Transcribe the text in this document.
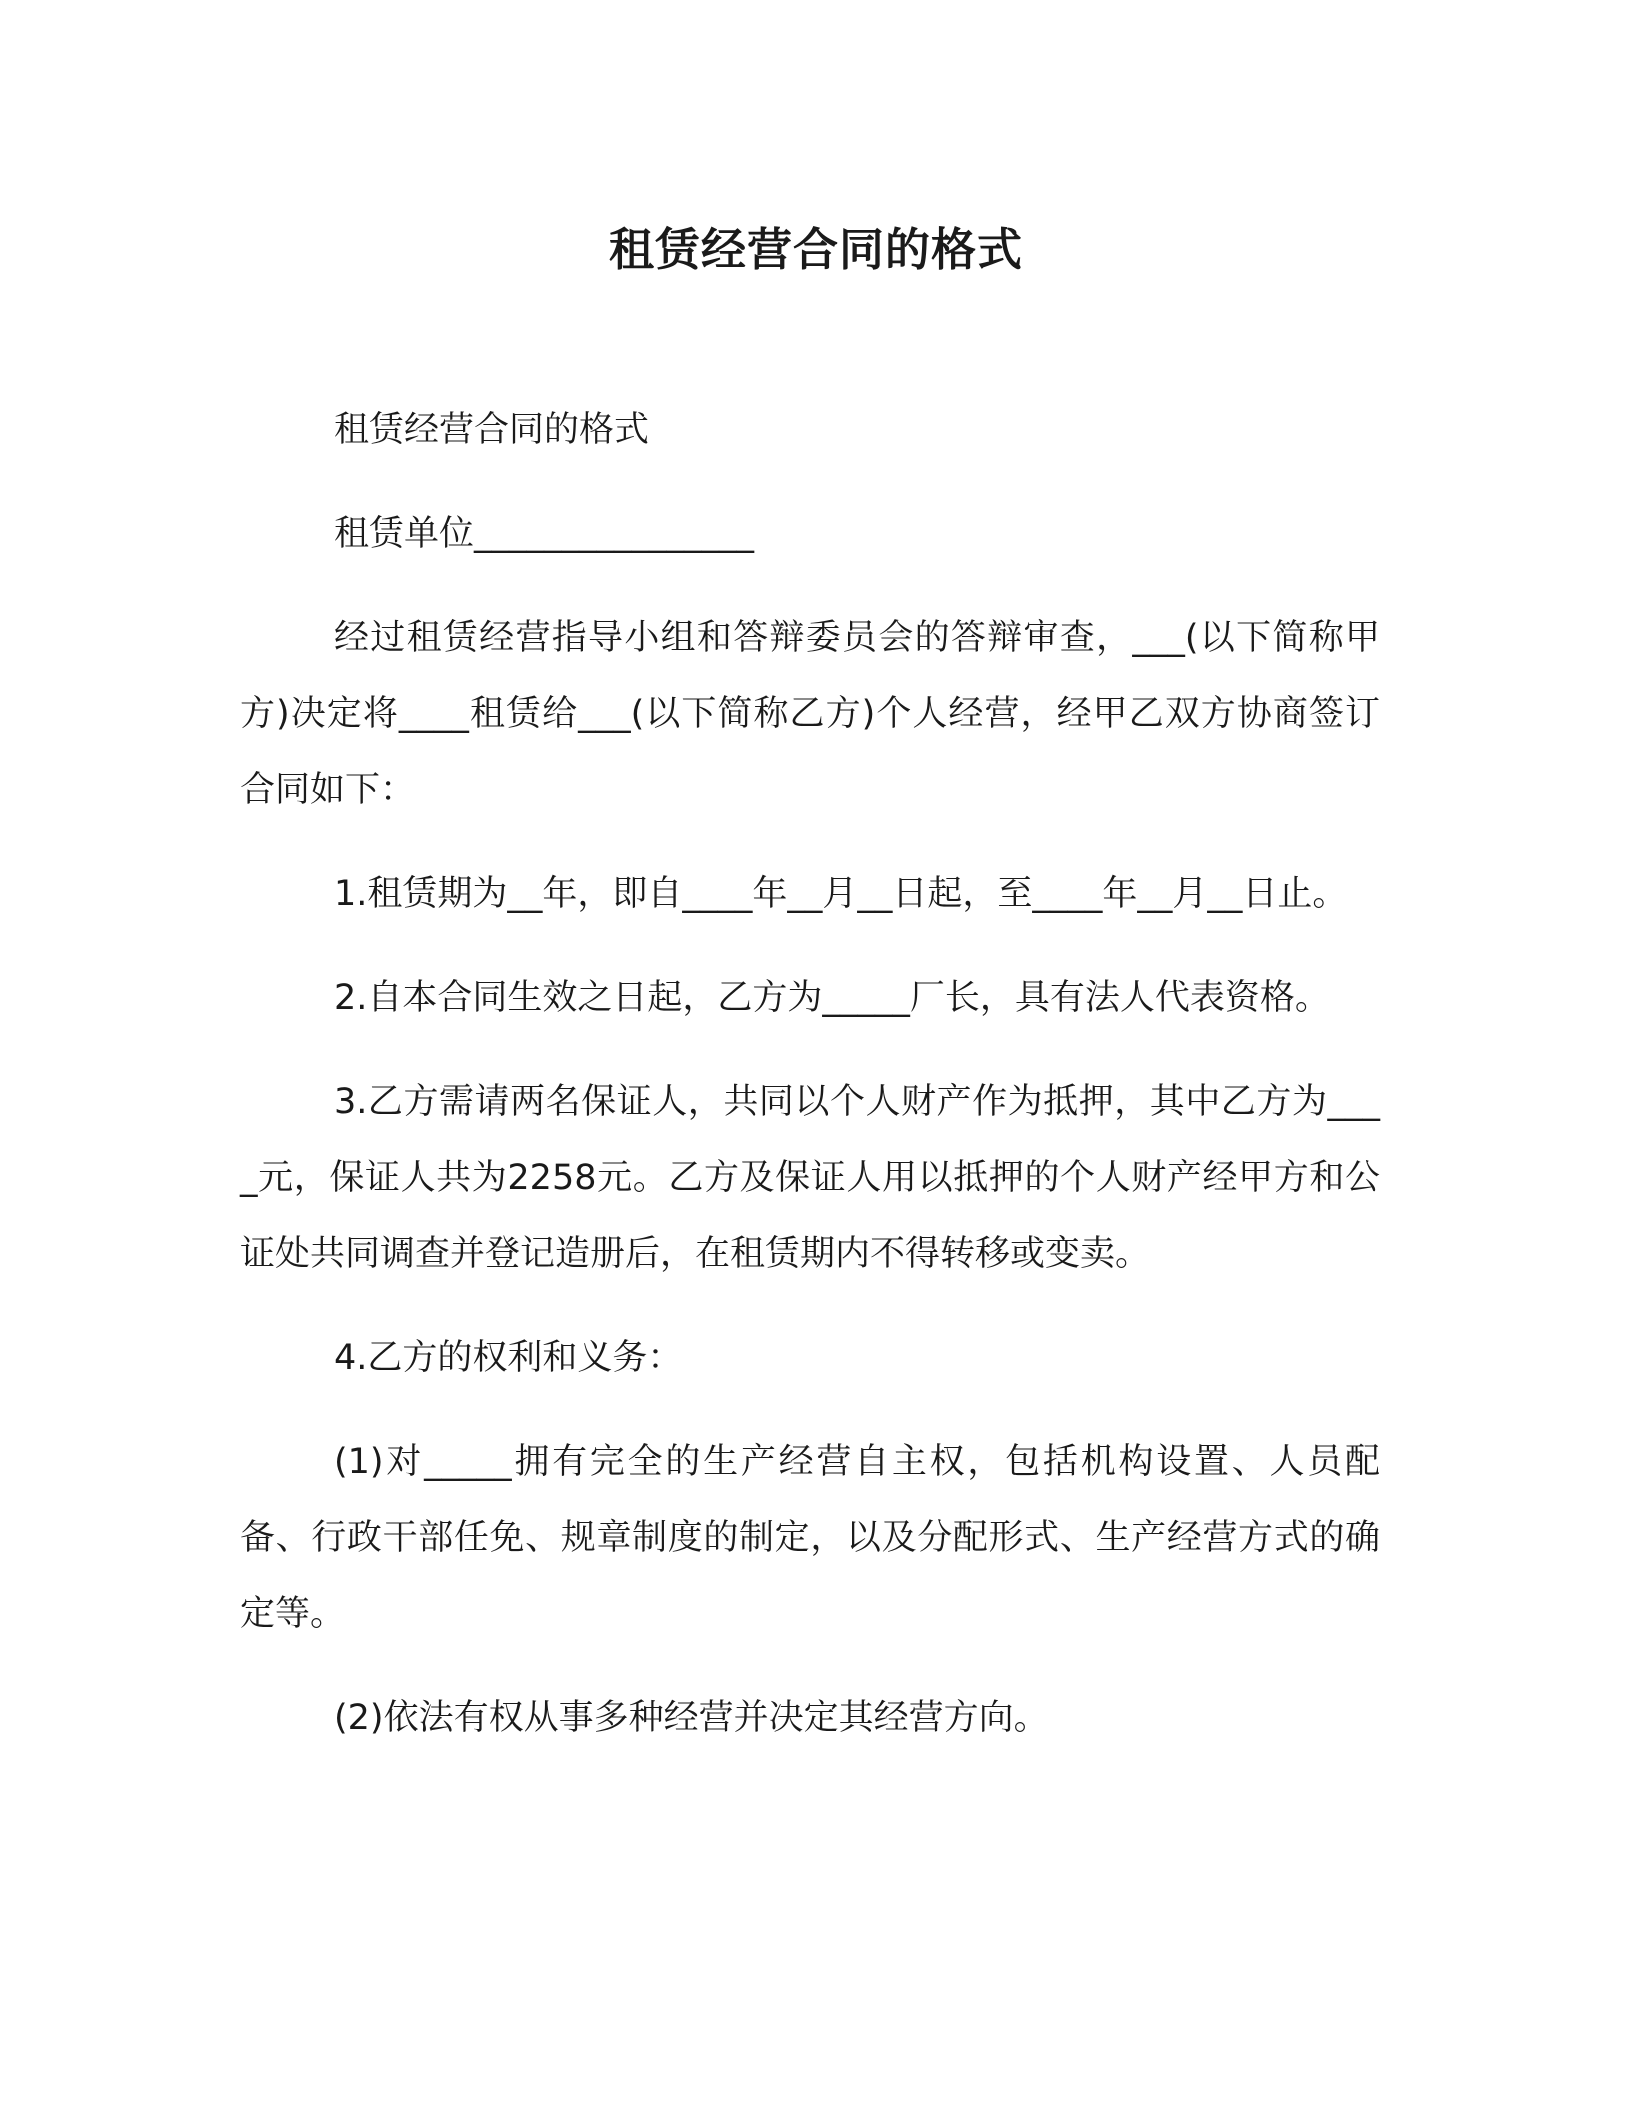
租赁经营合同的格式

租赁经营合同的格式

租赁单位________________

经过租赁经营指导小组和答辩委员会的答辩审查，___(以下简称甲方)决定将____租赁给___(以下简称乙方)个人经营，经甲乙双方协商签订合同如下：

1.租赁期为__年，即自____年__月__日起，至____年__月__日止。

2.自本合同生效之日起，乙方为_____厂长，具有法人代表资格。

3.乙方需请两名保证人，共同以个人财产作为抵押，其中乙方为____元，保证人共为2258元。乙方及保证人用以抵押的个人财产经甲方和公证处共同调查并登记造册后，在租赁期内不得转移或变卖。

4.乙方的权利和义务：

(1)对_____拥有完全的生产经营自主权，包括机构设置、人员配备、行政干部任免、规章制度的制定，以及分配形式、生产经营方式的确定等。

(2)依法有权从事多种经营并决定其经营方向。
